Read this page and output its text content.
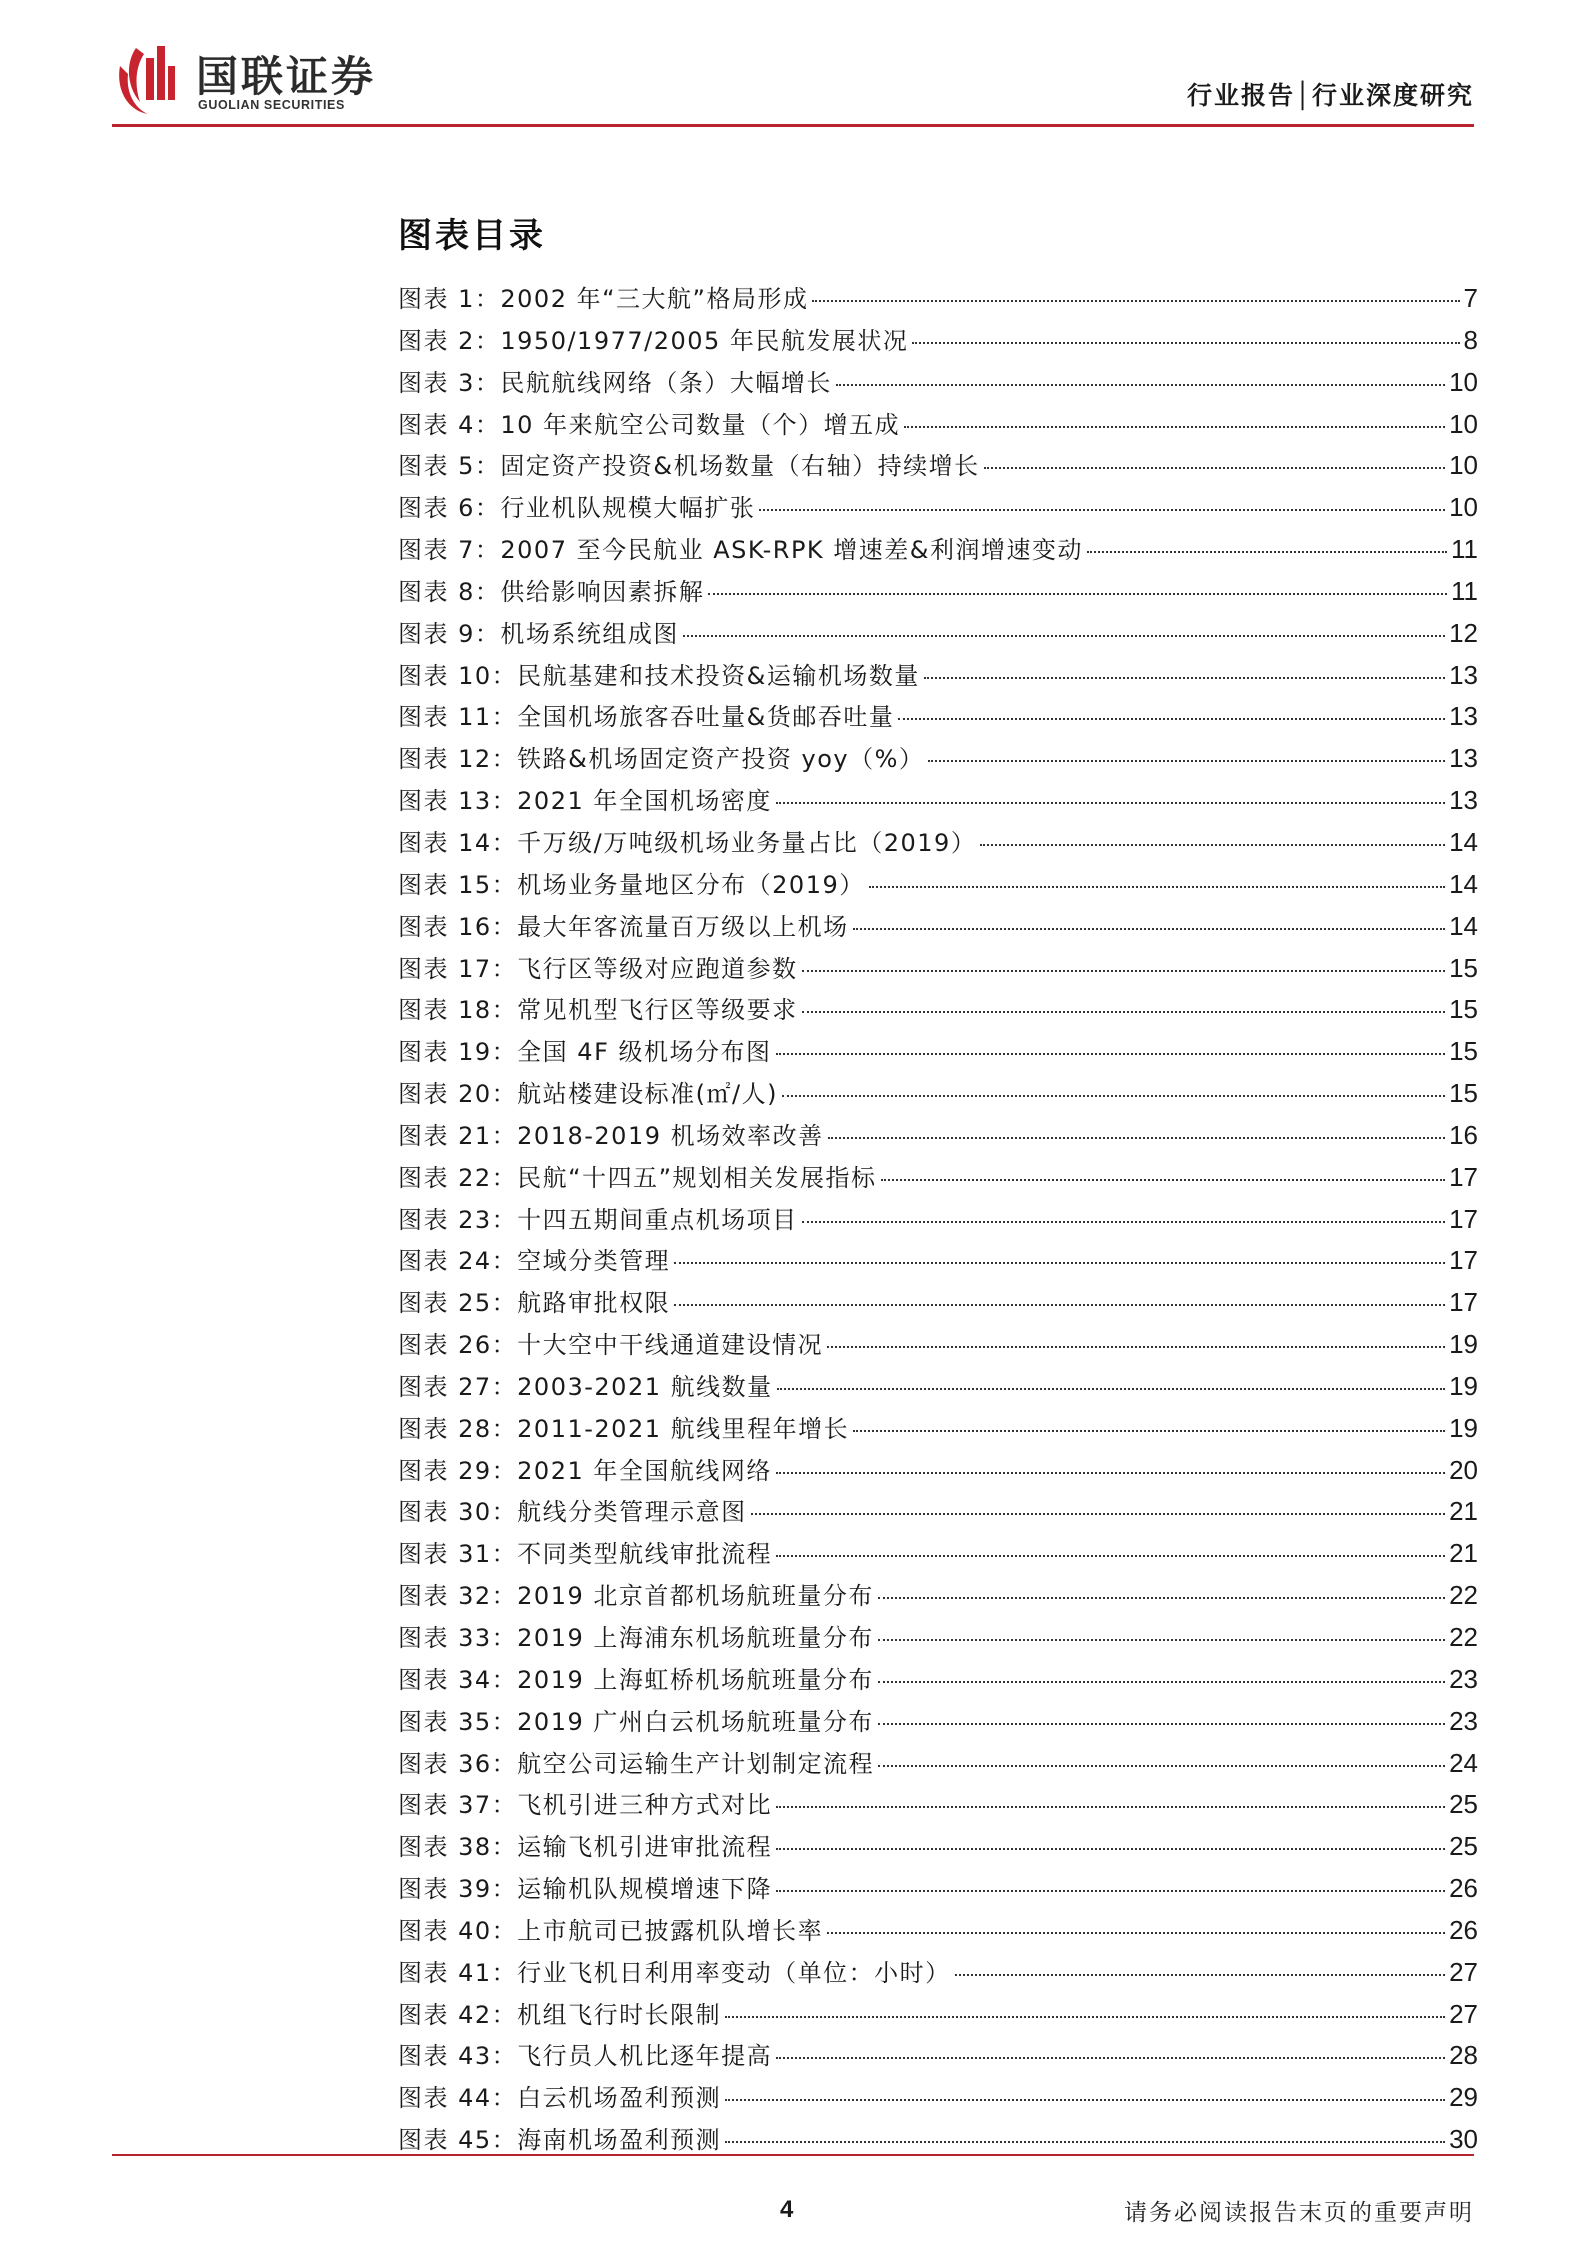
国联证券
GUOLIAN SECURITIES	行业报告│行业深度研究
图表目录
图表 1：2002 年“三大航”格局形成	7
图表 2：1950/1977/2005 年民航发展状况	8
图表 3：民航航线网络（条）大幅增长	10
图表 4：10 年来航空公司数量（个）增五成	10
图表 5：固定资产投资&机场数量（右轴）持续增长	10
图表 6：行业机队规模大幅扩张	10
图表 7：2007 至今民航业 ASK-RPK 增速差&利润增速变动	11
图表 8：供给影响因素拆解	11
图表 9：机场系统组成图	12
图表 10：民航基建和技术投资&运输机场数量	13
图表 11：全国机场旅客吞吐量&货邮吞吐量	13
图表 12：铁路&机场固定资产投资 yoy（%）	13
图表 13：2021 年全国机场密度	13
图表 14：千万级/万吨级机场业务量占比（2019）	14
图表 15：机场业务量地区分布（2019）	14
图表 16：最大年客流量百万级以上机场	14
图表 17：飞行区等级对应跑道参数	15
图表 18：常见机型飞行区等级要求	15
图表 19：全国 4F 级机场分布图	15
图表 20：航站楼建设标准(㎡/人)	15
图表 21：2018-2019 机场效率改善	16
图表 22：民航“十四五”规划相关发展指标	17
图表 23：十四五期间重点机场项目	17
图表 24：空域分类管理	17
图表 25：航路审批权限	17
图表 26：十大空中干线通道建设情况	19
图表 27：2003-2021 航线数量	19
图表 28：2011-2021 航线里程年增长	19
图表 29：2021 年全国航线网络	20
图表 30：航线分类管理示意图	21
图表 31：不同类型航线审批流程	21
图表 32：2019 北京首都机场航班量分布	22
图表 33：2019 上海浦东机场航班量分布	22
图表 34：2019 上海虹桥机场航班量分布	23
图表 35：2019 广州白云机场航班量分布	23
图表 36：航空公司运输生产计划制定流程	24
图表 37：飞机引进三种方式对比	25
图表 38：运输飞机引进审批流程	25
图表 39：运输机队规模增速下降	26
图表 40：上市航司已披露机队增长率	26
图表 41：行业飞机日利用率变动（单位：小时）	27
图表 42：机组飞行时长限制	27
图表 43：飞行员人机比逐年提高	28
图表 44：白云机场盈利预测	29
图表 45：海南机场盈利预测	30
4	请务必阅读报告末页的重要声明
